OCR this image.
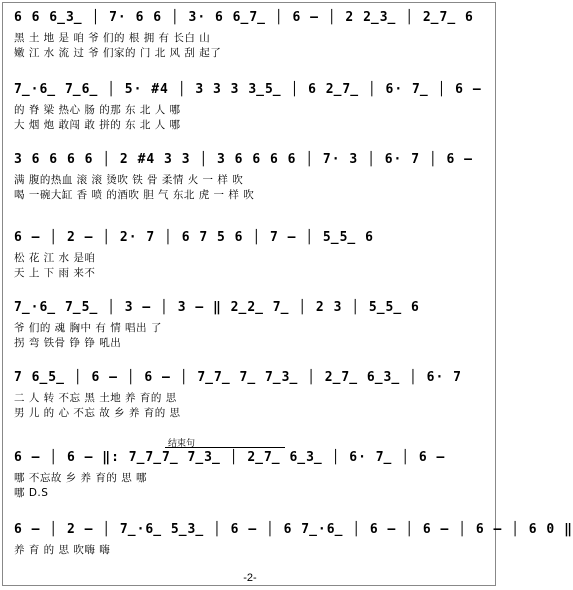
6 6 6̲3̲ │ 7· 6 6 │ 3· 6 6̲7̲ │ 6 – │ 2 2̲3̲ │ 2̲7̲ 6
黑 土 地 是 咱 爷 们的 根 拥 有 长白 山
嫩 江 水 流 过 爷 们家的 门 北 风 刮 起了
7̲·6̲ 7̲6̲ │ 5· #4 │ 3 3 3 3̲5̲ │ 6 2̲7̲ │ 6· 7̲ │ 6 –
的 脊 梁 热心 肠 的那 东 北 人 哪
大 烟 炮 敢闯 敢 拼的 东 北 人 哪
3 6 6 6 6 │ 2 #4 3 3 │ 3 6 6 6 6 │ 7· 3 │ 6· 7 │ 6 –
满 腹的热血 滚 滚 烫吹 铁 骨 柔情 火 一 样 吹
喝 一碗大缸 香 喷 的酒吹 胆 气 东北 虎 一 样 吹
6 – │ 2 – │ 2· 7 │ 6 7 5 6 │ 7 – │ 5̲5̲ 6
松 花 江 水 是咱
天 上 下 雨 来不
7̲·6̲ 7̲5̲ │ 3 – │ 3 – ‖ 2̲2̲ 7̲ │ 2 3 │ 5̲5̲ 6
爷 们的 魂 胸中 有 情 唱出 了
拐 弯 铁骨 铮 铮 吼出
7 6̲5̲ │ 6 – │ 6 – │ 7̲7̲ 7̲ 7̲3̲ │ 2̲7̲ 6̲3̲ │ 6· 7
二 人 转 不忘 黑 土地 养 育的 思
男 儿 的 心 不忘 故 乡 养 育的 思
结束句
6 – │ 6 – ‖: 7̲7̲7̲ 7̲3̲ │ 2̲7̲ 6̲3̲ │ 6· 7̲ │ 6 –
哪 不忘故 乡 养 育的 思 哪
哪 D.S
6 – │ 2 – │ 7̲·6̲ 5̲3̲ │ 6 – │ 6 7̲·6̲ │ 6 – │ 6 – │ 6 – │ 6 0 ‖
养 育 的 思 吹嗨 嗨
-2-
